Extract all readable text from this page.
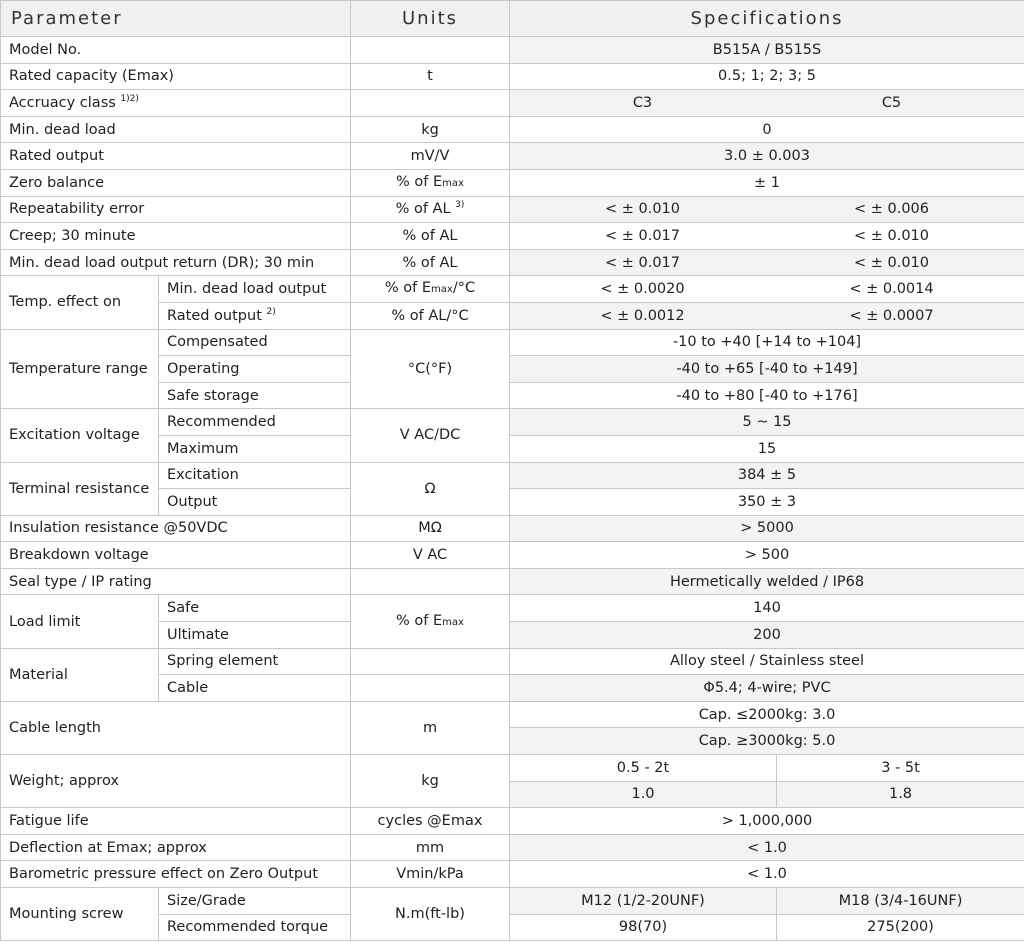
Parameter		Units	Specifications	
Model No.			B515A / B515S	
Rated capacity (Emax)		t	0.5; 1; 2; 3; 5	
Accruacy class $^{1)2)}$			C3 C5	
Min. dead load		kg	0	
Rated output		mV/V	3.0 ± 0.003	
Zero balance		% of Emax	± 1	
Repeatability error		% of AL $^{3)}$	< ± 0.010 < ± 0.006	
Creep; 30 minute		% of AL	< ± 0.017 < ± 0.010	
Min. dead load output return (DR); 30 min		% of AL	< ± 0.017 < ± 0.010	
Temp. effect on	Min. dead load output	% of Emax/°C	< ± 0.0020 < ± 0.0014	
	Rated output $^{2)}$	% of AL/°C	< ± 0.0012 < ± 0.0007	
Temperature range	Compensated	°C(°F)	-10 to +40 [+14 to +104]	
	Operating		-40 to +65 [-40 to +149]	
	Safe storage		-40 to +80 [-40 to +176]	
Excitation voltage	Recommended	V AC/DC	5 ~ 15	
	Maximum		15	
Terminal resistance	Excitation	Ω	384 ± 5	
	Output		350 ± 3	
Insulation resistance @50VDC		MΩ	> 5000	
Breakdown voltage		V AC	> 500	
Seal type / IP rating			Hermetically welded / IP68	
Load limit	Safe	% of Emax	140	
	Ultimate		200	
Material	Spring element		Alloy steel / Stainless steel	
	Cable		Φ5.4; 4-wire; PVC	
Cable length		m	Cap. ≤2000kg: 3.0	
			Cap. ≥3000kg: 5.0	
Weight; approx		kg	0.5 - 2t	3 - 5t
			1.0	1.8
Fatigue life		cycles @Emax	> 1,000,000	
Deflection at Emax; approx		mm	< 1.0	
Barometric pressure effect on Zero Output		Vmin/kPa	< 1.0	
Mounting screw	Size/Grade	N.m(ft-lb)	M12 (1/2-20UNF)	M18 (3/4-16UNF)
	Recommended torque		98(70)	275(200)
